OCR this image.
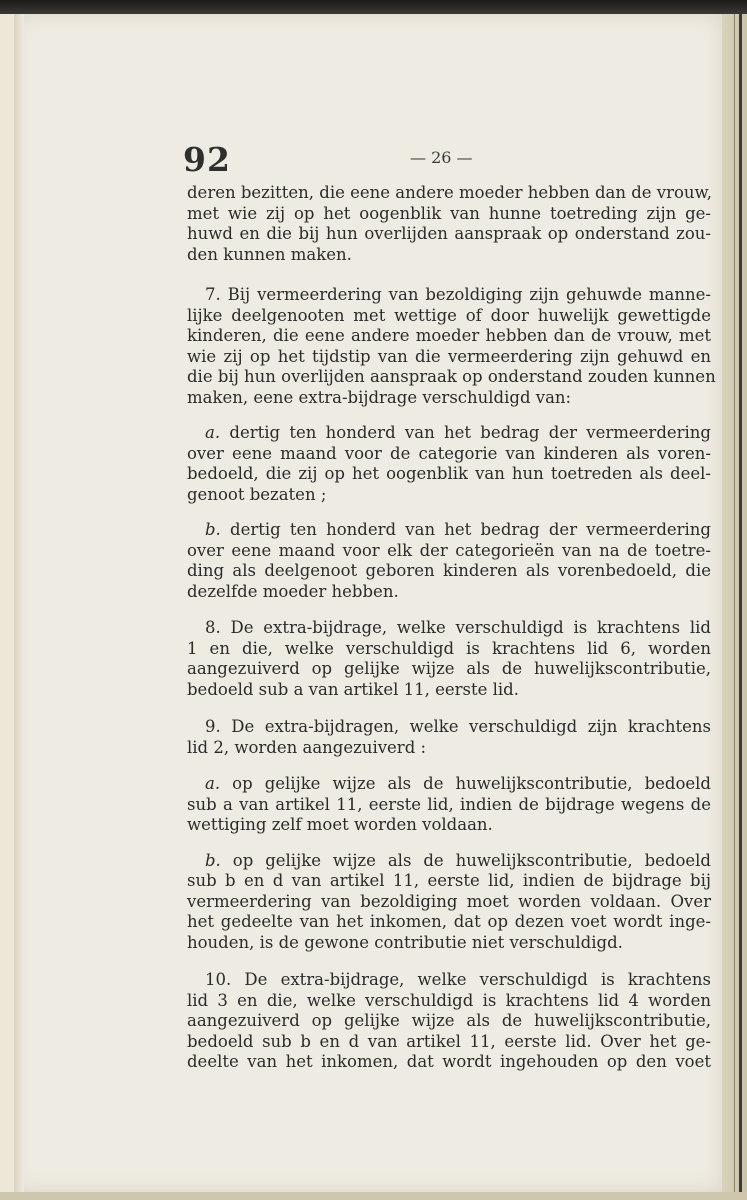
92	— 26 —
deren bezitten, die eene andere moeder hebben dan de vrouw,
met wie zij op het oogenblik van hunne toetreding zijn ge-
huwd en die bij hun overlijden aanspraak op onderstand zou-
den kunnen maken.
7. Bij vermeerdering van bezoldiging zijn gehuwde manne-
lijke deelgenooten met wettige of door huwelijk gewettigde
kinderen, die eene andere moeder hebben dan de vrouw, met
wie zij op het tijdstip van die vermeerdering zijn gehuwd en
die bij hun overlijden aanspraak op onderstand zouden kunnen
maken, eene extra-bijdrage verschuldigd van:
a. dertig ten honderd van het bedrag der vermeerdering
over eene maand voor de categorie van kinderen als voren-
bedoeld, die zij op het oogenblik van hun toetreden als deel-
genoot bezaten ;
b. dertig ten honderd van het bedrag der vermeerdering
over eene maand voor elk der categorieën van na de toetre-
ding als deelgenoot geboren kinderen als vorenbedoeld, die
dezelfde moeder hebben.
8. De extra-bijdrage, welke verschuldigd is krachtens lid
1 en die, welke verschuldigd is krachtens lid 6, worden
aangezuiverd op gelijke wijze als de huwelijkscontributie,
bedoeld sub a van artikel 11, eerste lid.
9. De extra-bijdragen, welke verschuldigd zijn krachtens
lid 2, worden aangezuiverd :
a. op gelijke wijze als de huwelijkscontributie, bedoeld
sub a van artikel 11, eerste lid, indien de bijdrage wegens de
wettiging zelf moet worden voldaan.
b. op gelijke wijze als de huwelijkscontributie, bedoeld
sub b en d van artikel 11, eerste lid, indien de bijdrage bij
vermeerdering van bezoldiging moet worden voldaan. Over
het gedeelte van het inkomen, dat op dezen voet wordt inge-
houden, is de gewone contributie niet verschuldigd.
10. De extra-bijdrage, welke verschuldigd is krachtens
lid 3 en die, welke verschuldigd is krachtens lid 4 worden
aangezuiverd op gelijke wijze als de huwelijkscontributie,
bedoeld sub b en d van artikel 11, eerste lid. Over het ge-
deelte van het inkomen, dat wordt ingehouden op den voet
